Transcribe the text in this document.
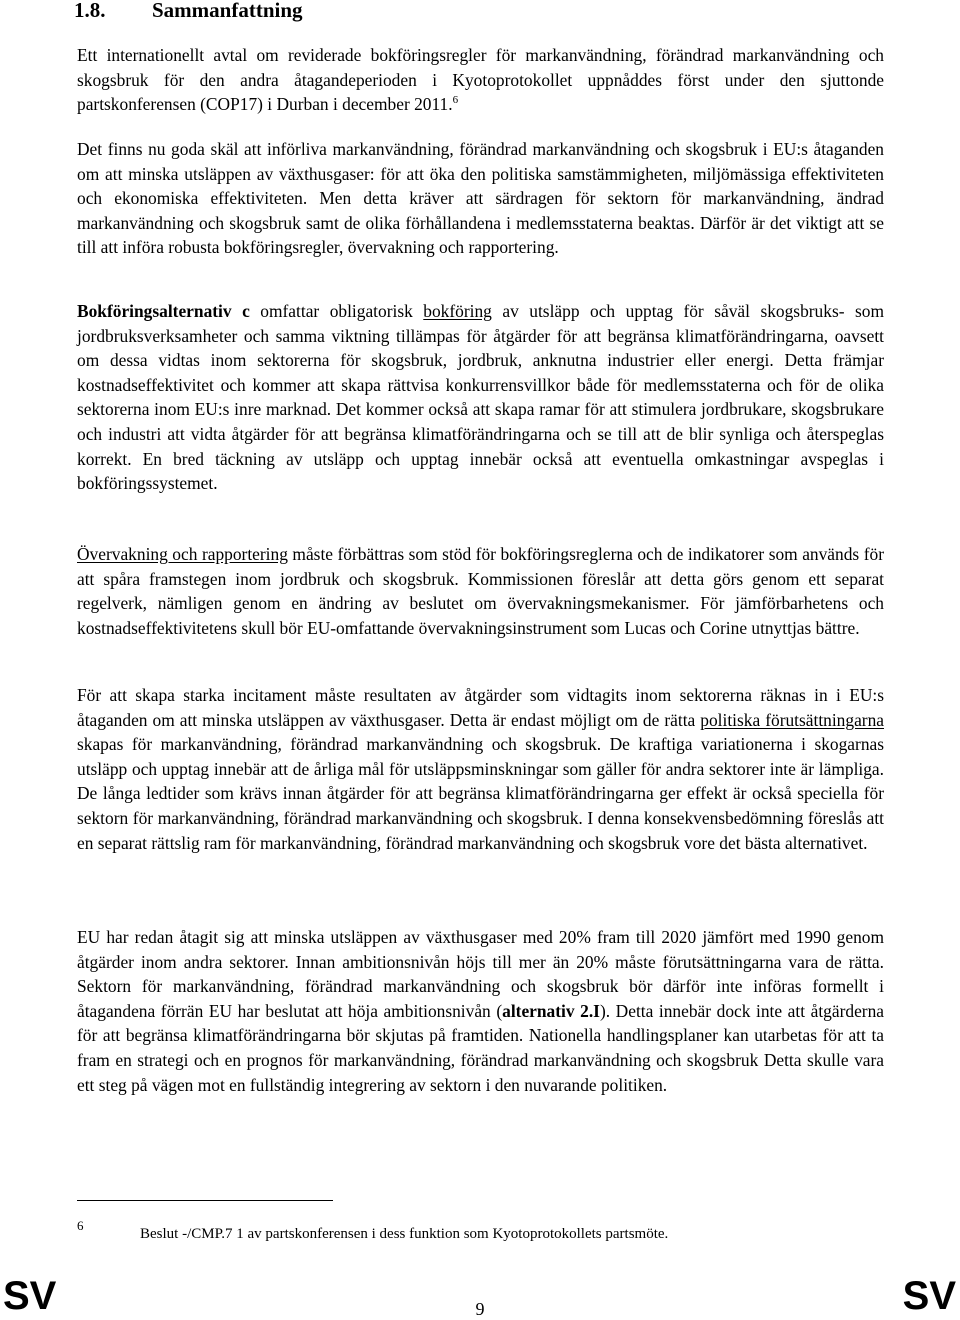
1.8. Sammanfattning

Ett internationellt avtal om reviderade bokföringsregler för markanvändning, förändrad markanvändning och skogsbruk för den andra åtagandeperioden i Kyotoprotokollet uppnåddes först under den sjuttonde partskonferensen (COP17) i Durban i december 2011.$^6$

Det finns nu goda skäl att införliva markanvändning, förändrad markanvändning och skogsbruk i EU:s åtaganden om att minska utsläppen av växthusgaser: för att öka den politiska samstämmigheten, miljömässiga effektiviteten och ekonomiska effektiviteten. Men detta kräver att särdragen för sektorn för markanvändning, ändrad markanvändning och skogsbruk samt de olika förhållandena i medlemsstaterna beaktas. Därför är det viktigt att se till att införa robusta bokföringsregler, övervakning och rapportering.

Bokföringsalternativ c omfattar obligatorisk bokföring av utsläpp och upptag för såväl skogsbruks- som jordbruksverksamheter och samma viktning tillämpas för åtgärder för att begränsa klimatförändringarna, oavsett om dessa vidtas inom sektorerna för skogsbruk, jordbruk, anknutna industrier eller energi. Detta främjar kostnadseffektivitet och kommer att skapa rättvisa konkurrensvillkor både för medlemsstaterna och för de olika sektorerna inom EU:s inre marknad. Det kommer också att skapa ramar för att stimulera jordbrukare, skogsbrukare och industri att vidta åtgärder för att begränsa klimatförändringarna och se till att de blir synliga och återspeglas korrekt. En bred täckning av utsläpp och upptag innebär också att eventuella omkastningar avspeglas i bokföringssystemet.

Övervakning och rapportering måste förbättras som stöd för bokföringsreglerna och de indikatorer som används för att spåra framstegen inom jordbruk och skogsbruk. Kommissionen föreslår att detta görs genom ett separat regelverk, nämligen genom en ändring av beslutet om övervakningsmekanismer. För jämförbarhetens och kostnadseffektivitetens skull bör EU-omfattande övervakningsinstrument som Lucas och Corine utnyttjas bättre.

För att skapa starka incitament måste resultaten av åtgärder som vidtagits inom sektorerna räknas in i EU:s åtaganden om att minska utsläppen av växthusgaser. Detta är endast möjligt om de rätta politiska förutsättningarna skapas för markanvändning, förändrad markanvändning och skogsbruk. De kraftiga variationerna i skogarnas utsläpp och upptag innebär att de årliga mål för utsläppsminskningar som gäller för andra sektorer inte är lämpliga. De långa ledtider som krävs innan åtgärder för att begränsa klimatförändringarna ger effekt är också speciella för sektorn för markanvändning, förändrad markanvändning och skogsbruk. I denna konsekvensbedömning föreslås att en separat rättslig ram för markanvändning, förändrad markanvändning och skogsbruk vore det bästa alternativet.

EU har redan åtagit sig att minska utsläppen av växthusgaser med 20% fram till 2020 jämfört med 1990 genom åtgärder inom andra sektorer. Innan ambitionsnivån höjs till mer än 20% måste förutsättningarna vara de rätta. Sektorn för markanvändning, förändrad markanvändning och skogsbruk bör därför inte införas formellt i åtagandena förrän EU har beslutat att höja ambitionsnivån (alternativ 2.I). Detta innebär dock inte att åtgärderna för att begränsa klimatförändringarna bör skjutas på framtiden. Nationella handlingsplaner kan utarbetas för att ta fram en strategi och en prognos för markanvändning, förändrad markanvändning och skogsbruk Detta skulle vara ett steg på vägen mot en fullständig integrering av sektorn i den nuvarande politiken.

6
Beslut -/CMP.7 1 av partskonferensen i dess funktion som Kyotoprotokollets partsmöte.
SV	9	SV
